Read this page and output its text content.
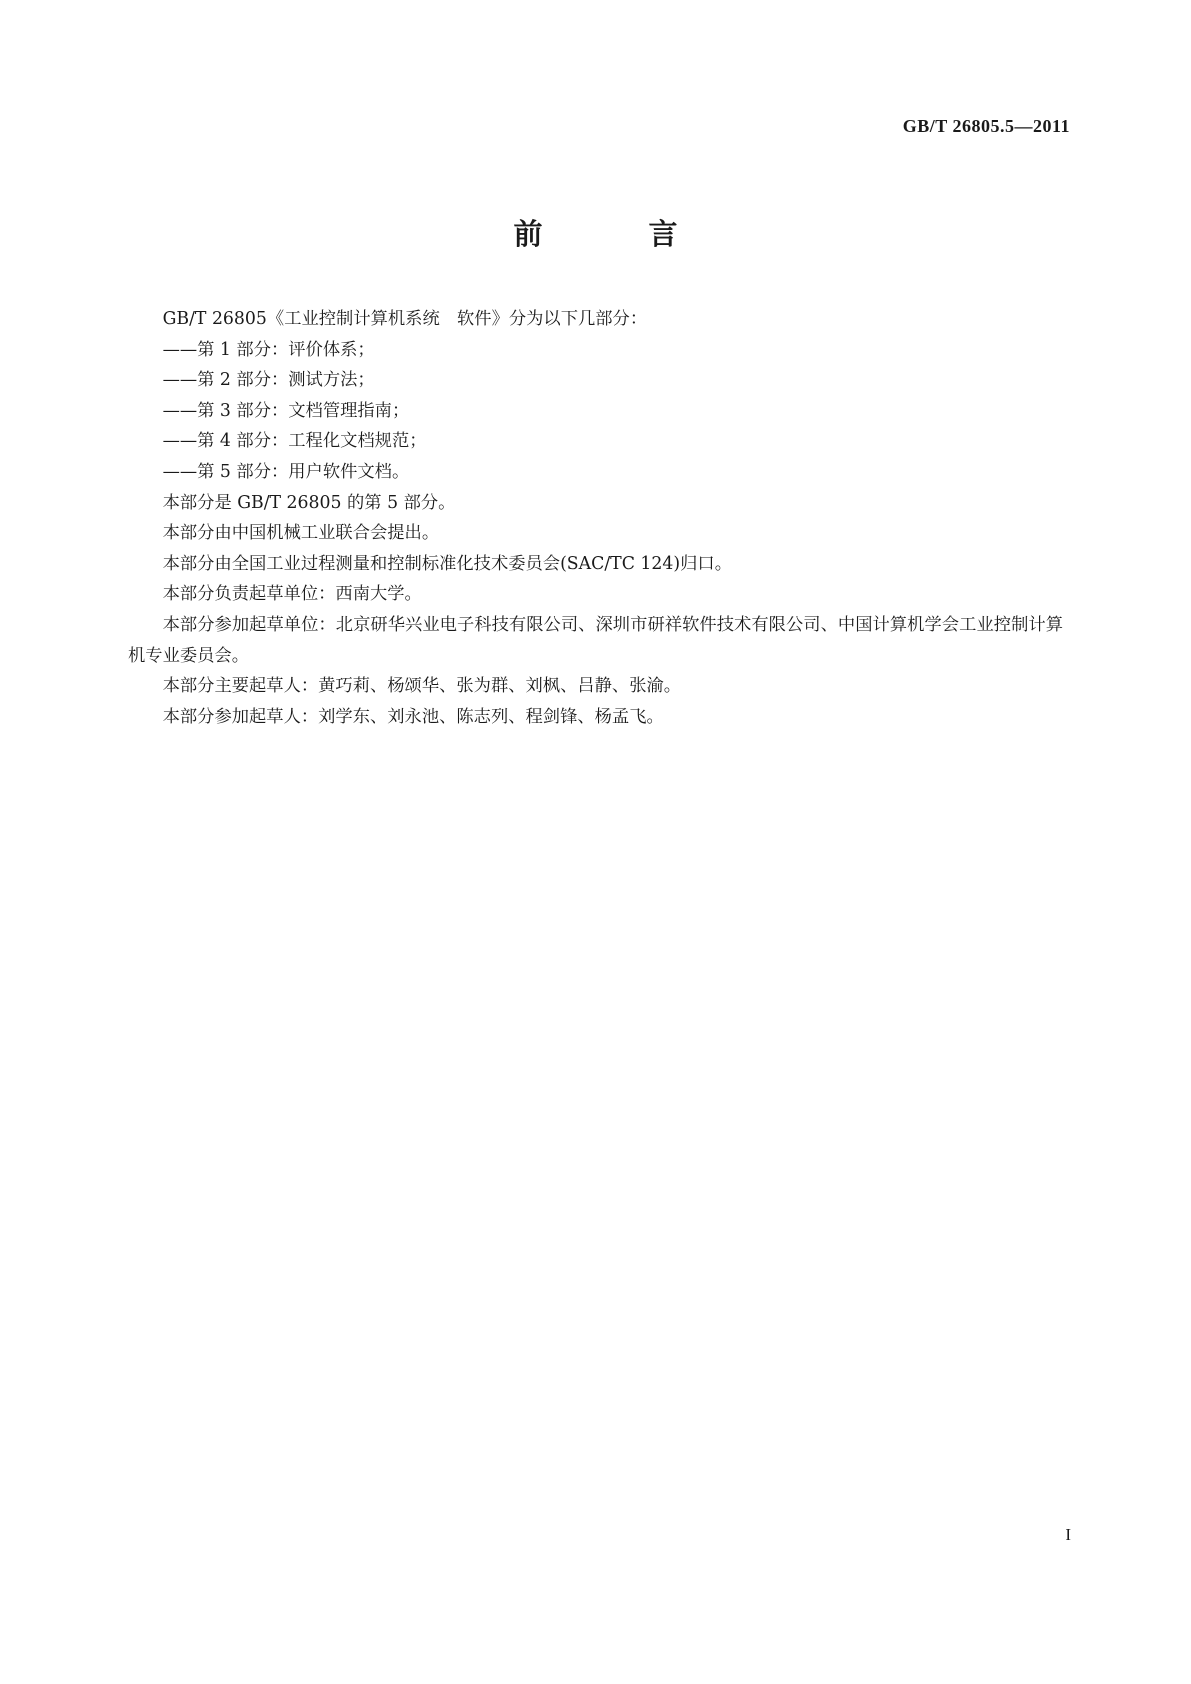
GB/T 26805.5—2011
前 言

GB/T 26805《工业控制计算机系统　软件》分为以下几部分：

——第 1 部分：评价体系；

——第 2 部分：测试方法；

——第 3 部分：文档管理指南；

——第 4 部分：工程化文档规范；

——第 5 部分：用户软件文档。

本部分是 GB/T 26805 的第 5 部分。

本部分由中国机械工业联合会提出。

本部分由全国工业过程测量和控制标准化技术委员会(SAC/TC 124)归口。

本部分负责起草单位：西南大学。

本部分参加起草单位：北京研华兴业电子科技有限公司、深圳市研祥软件技术有限公司、中国计算机学会工业控制计算机专业委员会。

本部分主要起草人：黄巧莉、杨颂华、张为群、刘枫、吕静、张渝。

本部分参加起草人：刘学东、刘永池、陈志列、程剑锋、杨孟飞。

I
